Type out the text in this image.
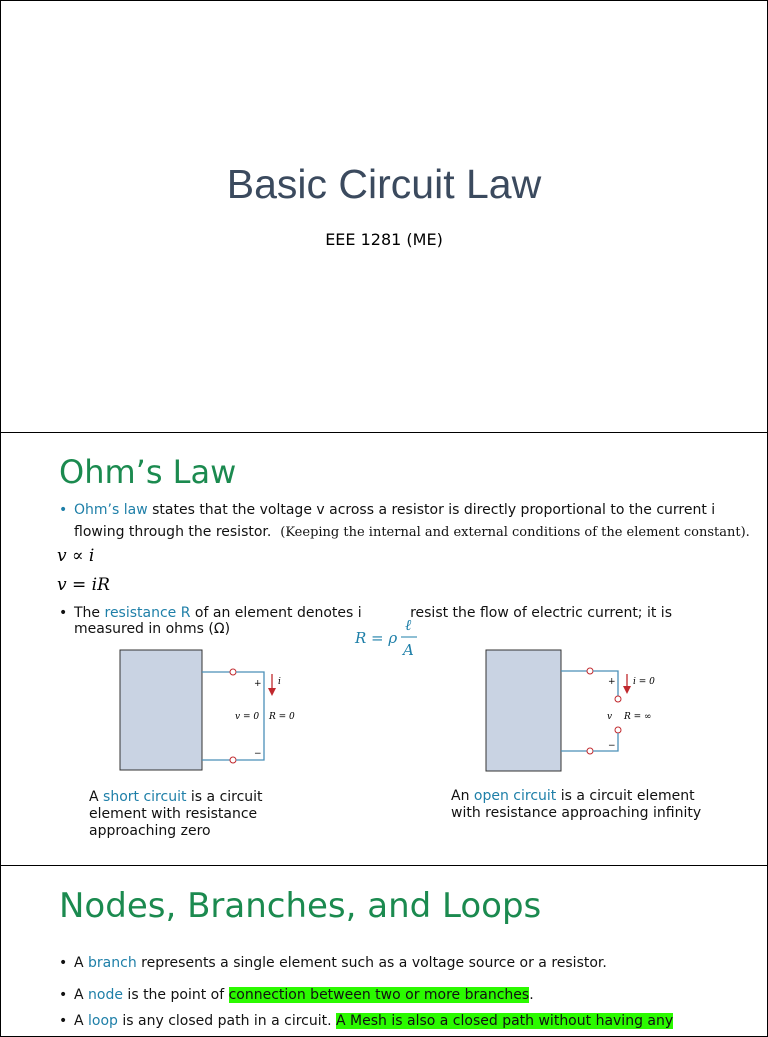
Basic Circuit Law
EEE 1281 (ME)
Ohm’s Law
• Ohm’s law states that the voltage v across a resistor is directly proportional to the current i
flowing through the resistor. (Keeping the internal and external conditions of the element constant).
v ∝ i
v = iR
• The resistance R of an element denotes i	resist the flow of electric current; it is
measured in ohms (Ω)	R = ρ
ℓ
A
+
−
i
v = 0 R = 0
A short circuit is a circuit
element with resistance
approaching zero
+
−
i = 0
v R = ∞
An open circuit is a circuit element
with resistance approaching infinity
Nodes, Branches, and Loops
• A branch represents a single element such as a voltage source or a resistor.
• A node is the point of connection between two or more branches.
• A loop is any closed path in a circuit. A Mesh is also a closed path without having any
